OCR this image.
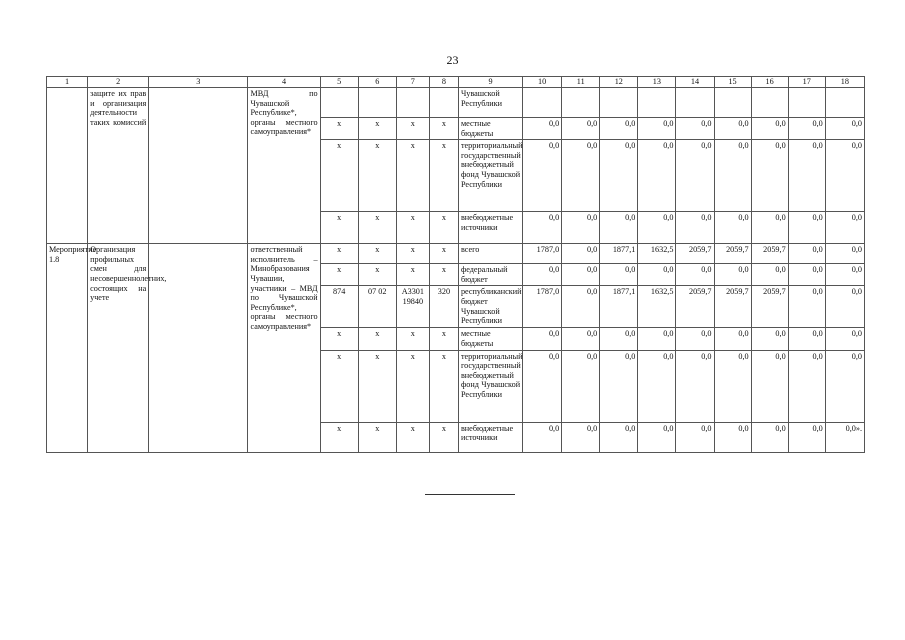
23
1	2	3	4	5	6	7	8	9	10	11	12	13	14	15	16	17	18
	защите их прав и организация деятельности таких комиссий		МВД по Чувашской Республике*, органы местного самоуправления*					Чувашской Республики									
				x	x	x	x	местные бюджеты	0,0	0,0	0,0	0,0	0,0	0,0	0,0	0,0	0,0
				x	x	x	x	территориальный государственный внебюджетный фонд Чувашской Республики	0,0	0,0	0,0	0,0	0,0	0,0	0,0	0,0	0,0
				x	x	x	x	внебюджетные источники	0,0	0,0	0,0	0,0	0,0	0,0	0,0	0,0	0,0
Мероприятие 1.8	Организация профильных смен для несовершеннолетних, состоящих на учете		ответственный исполнитель – Минобразования Чувашии, участники – МВД по Чувашской Республике*, органы местного самоуправления*	x	x	x	x	всего	1787,0	0,0	1877,1	1632,5	2059,7	2059,7	2059,7	0,0	0,0
				x	x	x	x	федеральный бюджет	0,0	0,0	0,0	0,0	0,0	0,0	0,0	0,0	0,0
				874	07 02	А3301 19840	320	республиканский бюджет Чувашской Республики	1787,0	0,0	1877,1	1632,5	2059,7	2059,7	2059,7	0,0	0,0
				x	x	x	x	местные бюджеты	0,0	0,0	0,0	0,0	0,0	0,0	0,0	0,0	0,0
				x	x	x	x	территориальный государственный внебюджетный фонд Чувашской Республики	0,0	0,0	0,0	0,0	0,0	0,0	0,0	0,0	0,0
				x	x	x	x	внебюджетные источники	0,0	0,0	0,0	0,0	0,0	0,0	0,0	0,0	0,0».
